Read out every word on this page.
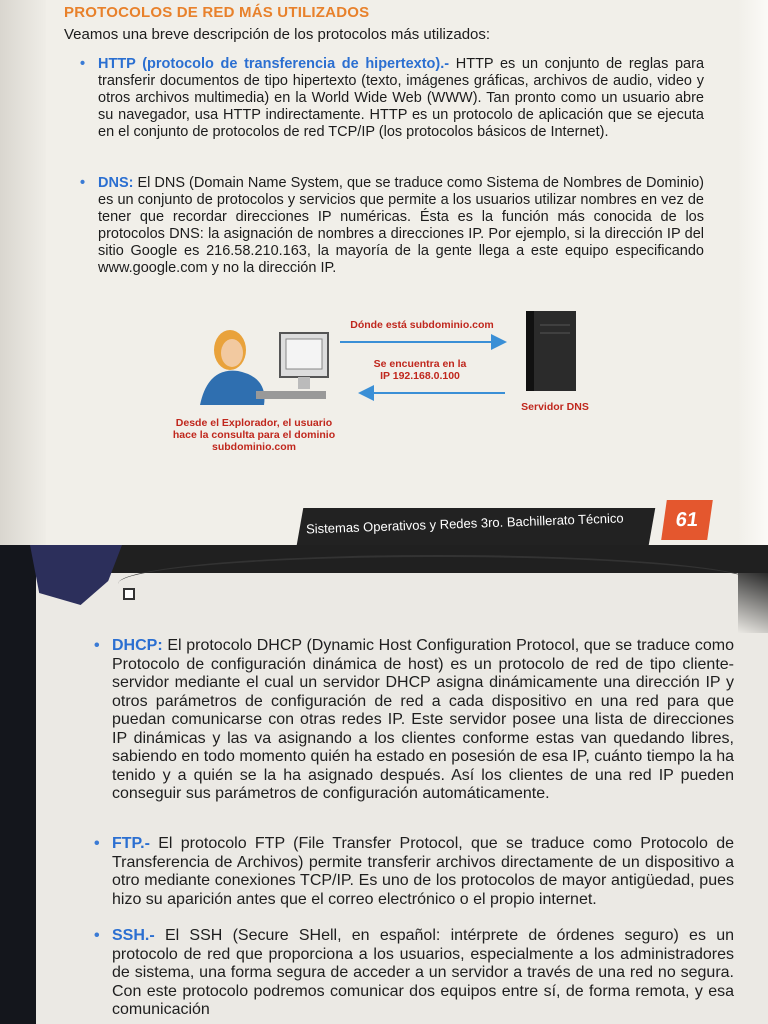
PROTOCOLOS DE RED MÁS UTILIZADOS
Veamos una breve descripción de los protocolos más utilizados:
• HTTP (protocolo de transferencia de hipertexto).- HTTP es un conjunto de reglas para transferir documentos de tipo hipertexto (texto, imágenes gráficas, archivos de audio, video y otros archivos multimedia) en la World Wide Web (WWW). Tan pronto como un usuario abre su navegador, usa HTTP indirectamente. HTTP es un protocolo de aplicación que se ejecuta en el conjunto de protocolos de red TCP/IP (los protocolos básicos de Internet).
• DNS: El DNS (Domain Name System, que se traduce como Sistema de Nombres de Dominio) es un conjunto de protocolos y servicios que permite a los usuarios utilizar nombres en vez de tener que recordar direcciones IP numéricas. Ésta es la función más conocida de los protocolos DNS: la asignación de nombres a direcciones IP. Por ejemplo, si la dirección IP del sitio Google es 216.58.210.163, la mayoría de la gente llega a este equipo especificando www.google.com y no la dirección IP.
Dónde está subdominio.com
Se encuentra en la IP 192.168.0.100
Servidor DNS
Desde el Explorador, el usuario hace la consulta para el dominio subdominio.com
Sistemas Operativos y Redes 3ro. Bachillerato Técnico	61
• DHCP: El protocolo DHCP (Dynamic Host Configuration Protocol, que se traduce como Protocolo de configuración dinámica de host) es un protocolo de red de tipo cliente-servidor mediante el cual un servidor DHCP asigna dinámicamente una dirección IP y otros parámetros de configuración de red a cada dispositivo en una red para que puedan comunicarse con otras redes IP. Este servidor posee una lista de direcciones IP dinámicas y las va asignando a los clientes conforme estas van quedando libres, sabiendo en todo momento quién ha estado en posesión de esa IP, cuánto tiempo la ha tenido y a quién se la ha asignado después. Así los clientes de una red IP pueden conseguir sus parámetros de configuración automáticamente.
• FTP.- El protocolo FTP (File Transfer Protocol, que se traduce como Protocolo de Transferencia de Archivos) permite transferir archivos directamente de un dispositivo a otro mediante conexiones TCP/IP. Es uno de los protocolos de mayor antigüedad, pues hizo su aparición antes que el correo electrónico o el propio internet.
• SSH.- El SSH (Secure SHell, en español: intérprete de órdenes seguro) es un protocolo de red que proporciona a los usuarios, especialmente a los administradores de sistema, una forma segura de acceder a un servidor a través de una red no segura. Con este protocolo podremos comunicar dos equipos entre sí, de forma remota, y esa comunicación
